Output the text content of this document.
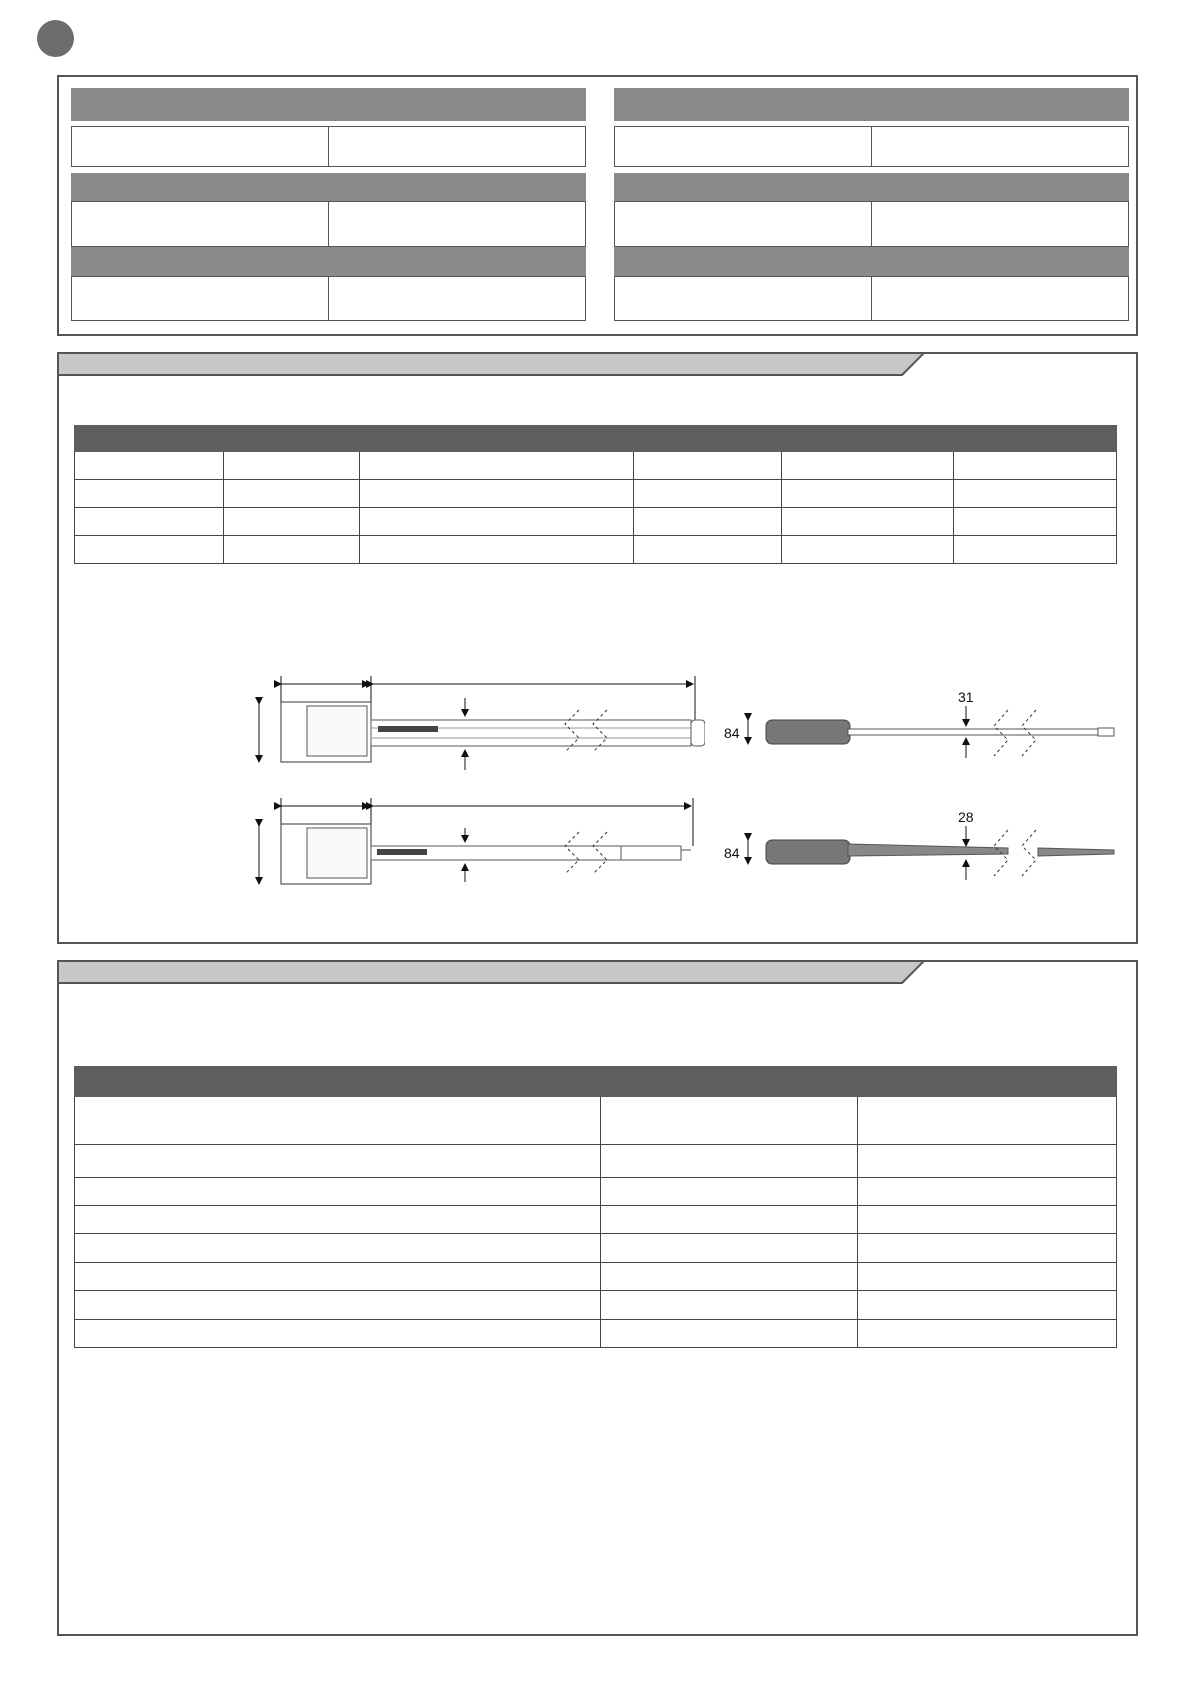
84
31
84
28
